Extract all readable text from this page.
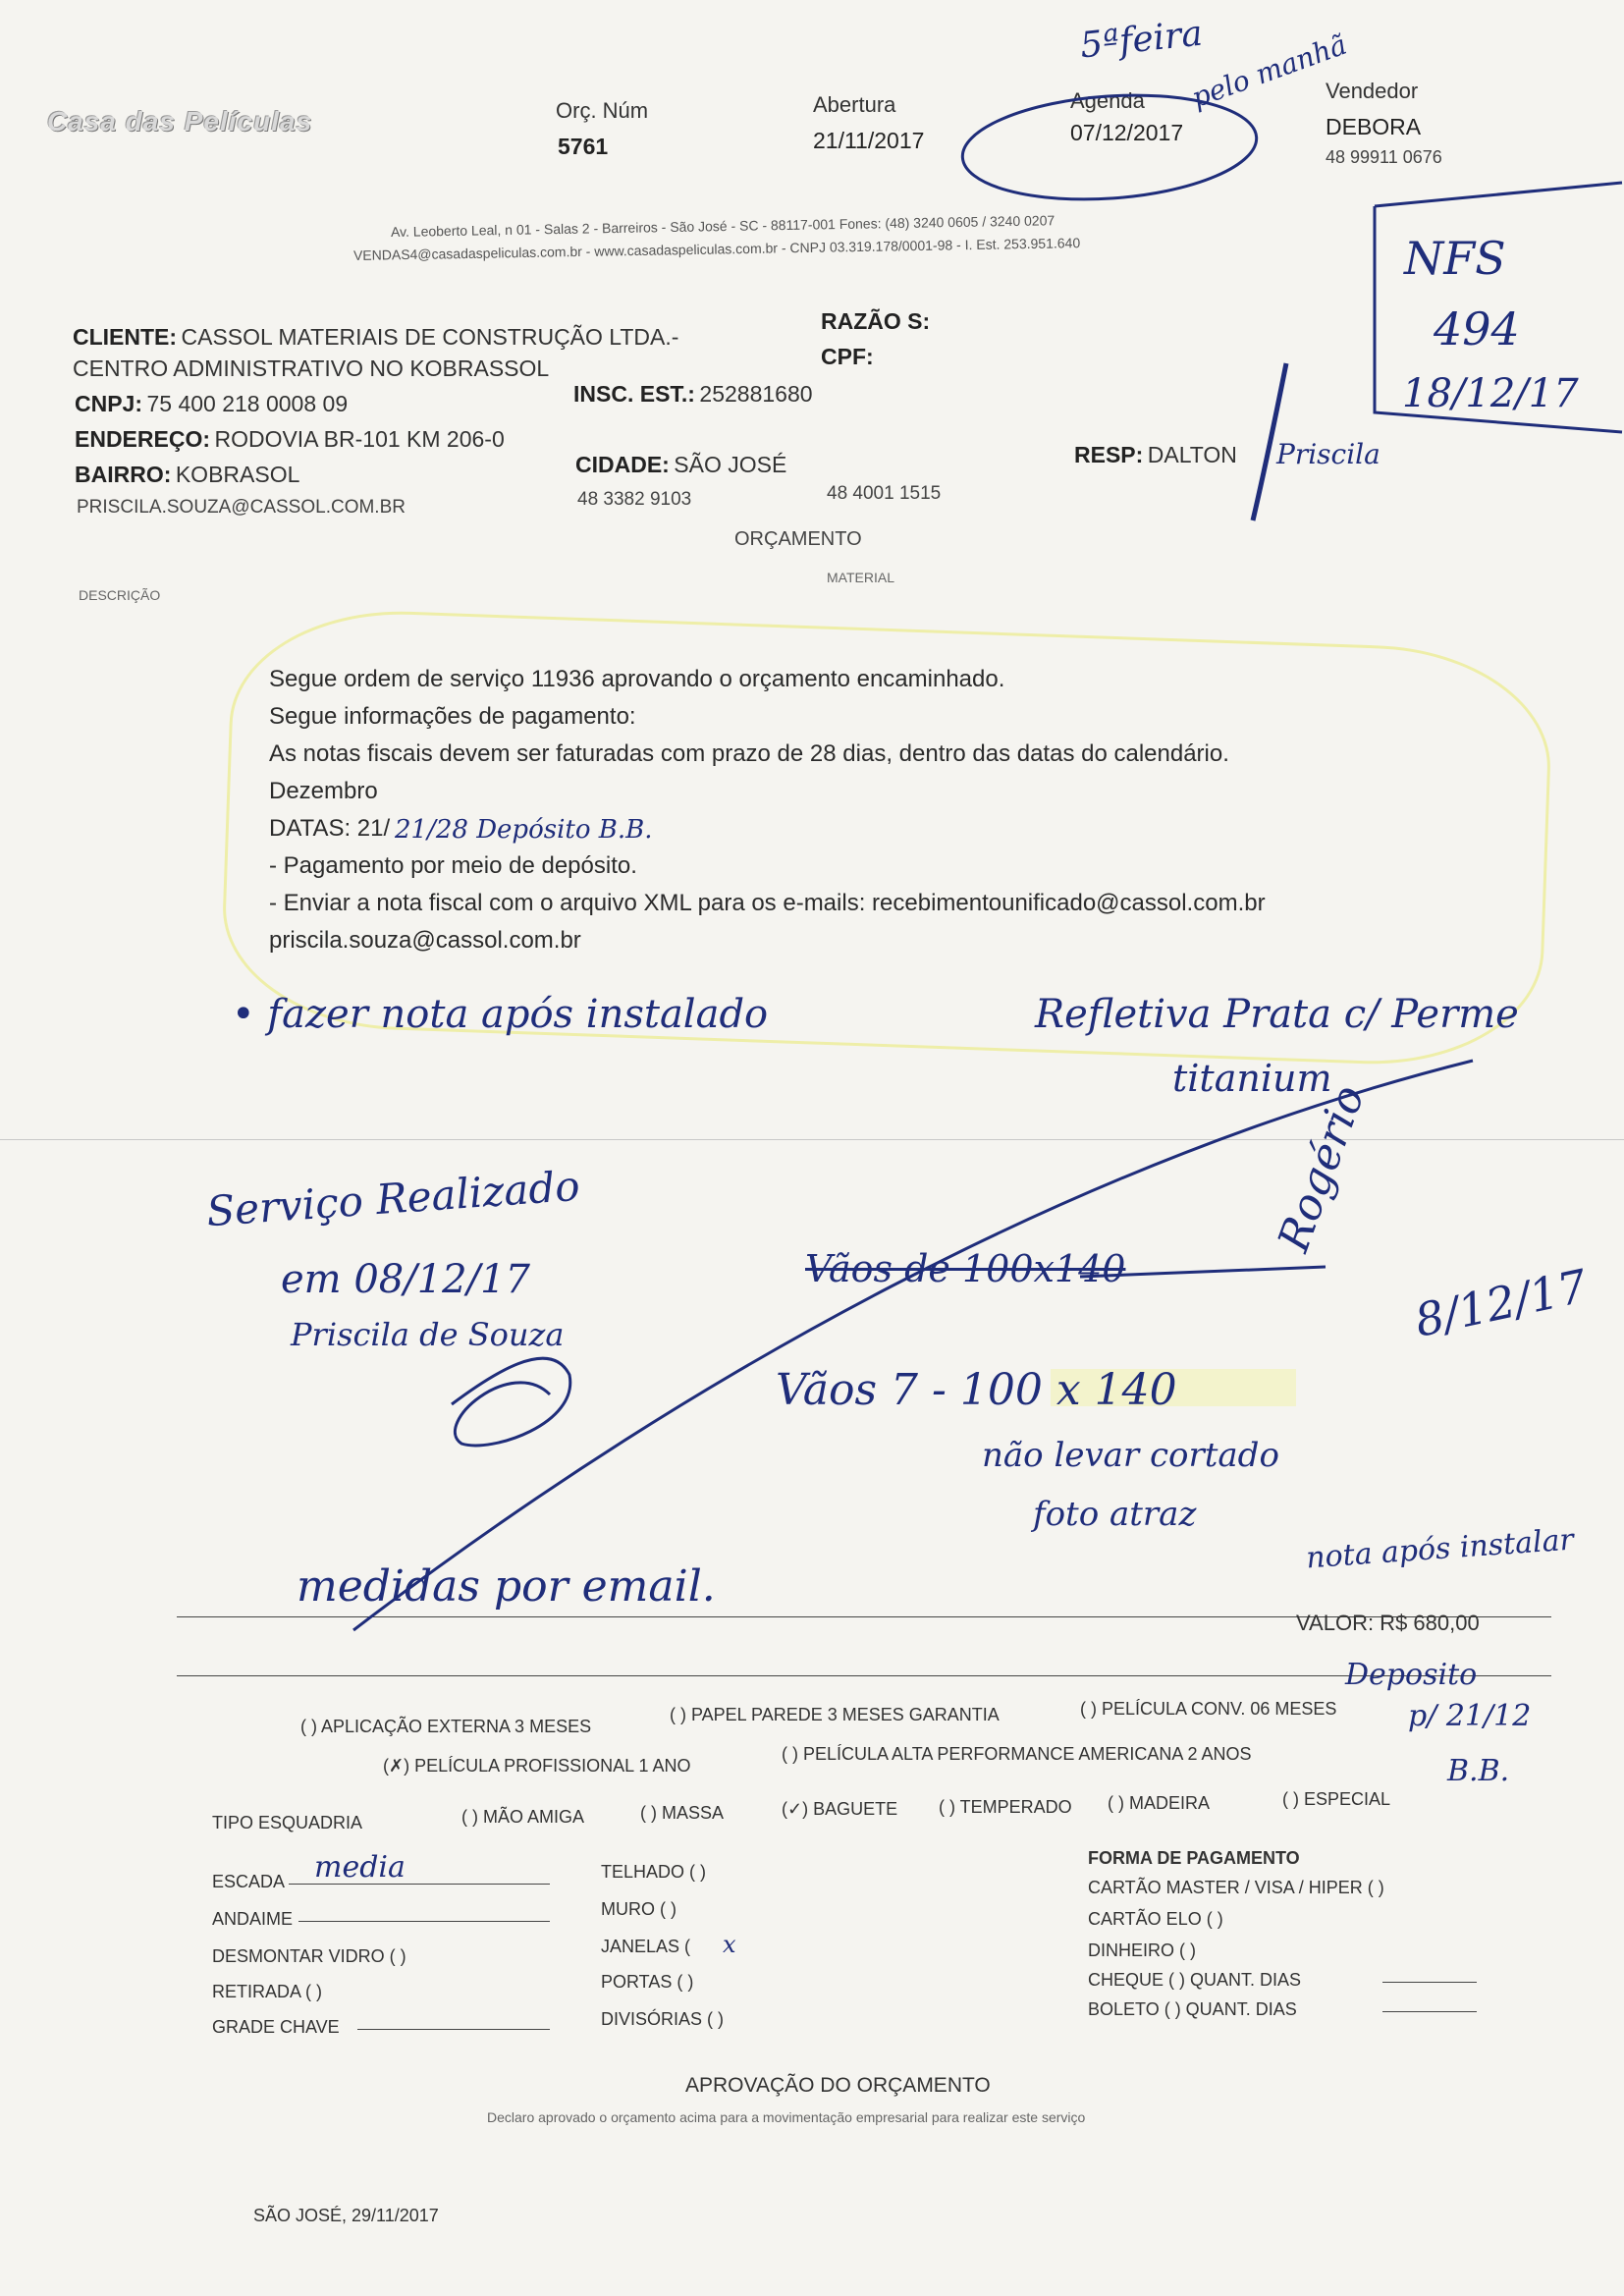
Casa das Películas	Orç. Núm
5761
Abertura
21/11/2017
Agenda
07/12/2017
Vendedor
DEBORA
48 99911 0676
Av. Leoberto Leal, n 01 - Salas 2 - Barreiros - São José - SC - 88117-001 Fones: (48) 3240 0605 / 3240 0207
VENDAS4@casadaspeliculas.com.br - www.casadaspeliculas.com.br - CNPJ 03.319.178/0001-98 - I. Est. 253.951.640
CLIENTE: CASSOL MATERIAIS DE CONSTRUÇÃO LTDA.-
CENTRO ADMINISTRATIVO NO KOBRASSOL
RAZÃO S:
CPF:
CNPJ: 75 400 218 0008 09	INSC. EST.: 252881680
ENDEREÇO: RODOVIA BR-101 KM 206-0
BAIRRO: KOBRASOL	CIDADE: SÃO JOSÉ	RESP: DALTON
PRISCILA.SOUZA@CASSOL.COM.BR	48 3382 9103	48 4001 1515
ORÇAMENTO
MATERIAL
DESCRIÇÃO
Segue ordem de serviço 11936 aprovando o orçamento encaminhado.
Segue informações de pagamento:
As notas fiscais devem ser faturadas com prazo de 28 dias, dentro das datas do calendário.
Dezembro
DATAS: 21/
- Pagamento por meio de depósito.
- Enviar a nota fiscal com o arquivo XML para os e-mails: recebimentounificado@cassol.com.br
priscila.souza@cassol.com.br
VALOR: R$ 680,00
( ) APLICAÇÃO EXTERNA 3 MESES
( ) PAPEL PAREDE 3 MESES GARANTIA	( ) PELÍCULA CONV. 06 MESES
(✗) PELÍCULA PROFISSIONAL 1 ANO
( ) PELÍCULA ALTA PERFORMANCE AMERICANA 2 ANOS
TIPO ESQUADRIA	( ) MÃO AMIGA	( ) MASSA	(✓) BAGUETE ( ) TEMPERADO ( ) MADEIRA	( ) ESPECIAL
ESCADA
ANDAIME
DESMONTAR VIDRO ( )
RETIRADA ( )
GRADE CHAVE
TELHADO ( )
MURO ( )
JANELAS (
PORTAS ( )
DIVISÓRIAS ( )
FORMA DE PAGAMENTO
CARTÃO MASTER / VISA / HIPER ( )
CARTÃO ELO ( )
DINHEIRO ( )
CHEQUE ( ) QUANT. DIAS
BOLETO ( ) QUANT. DIAS
APROVAÇÃO DO ORÇAMENTO
Declaro aprovado o orçamento acima para a movimentação empresarial para realizar este serviço
SÃO JOSÉ, 29/11/2017
5ªfeira
pelo manhã
NFS
494
18/12/17
Priscila
21/28 Depósito B.B.
• fazer nota após instalado	Refletiva Prata c/ Perme
titanium
Serviço Realizado
em 08/12/17
Priscila de Souza
Vãos de 100x140
Rogério
8/12/17
Vãos 7 - 100 x 140
não levar cortado
foto atraz
nota após instalar
medidas por email.
Deposito
p/ 21/12
B.B.
media
x
